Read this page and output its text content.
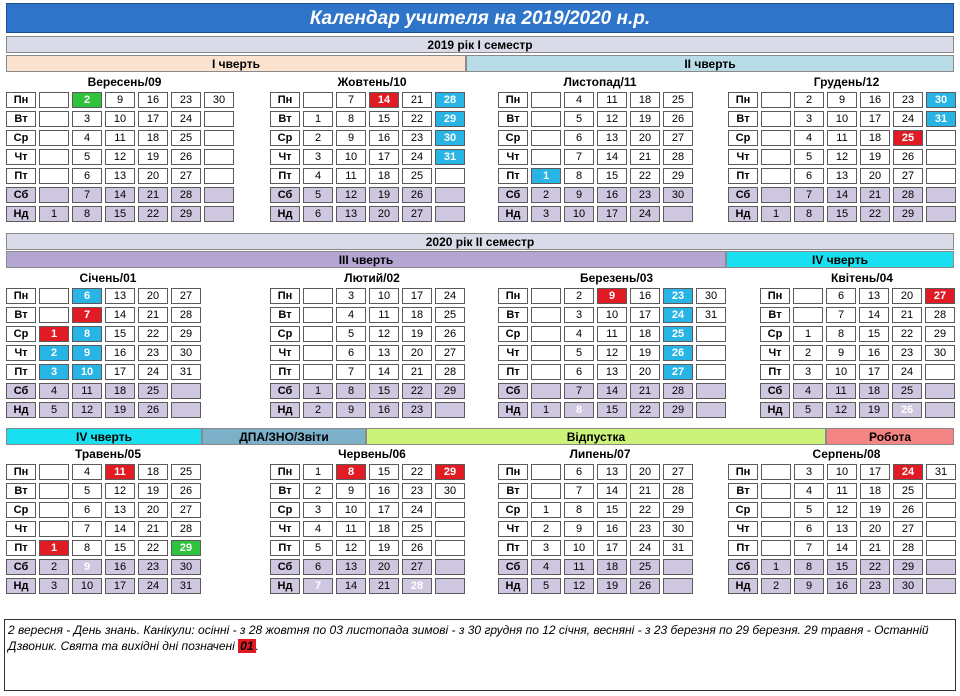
Календар учителя на 2019/2020 н.р.
2019 рік І семестр
І чверть	ІІ чверть
2020 рік ІІ семестр
ІІІ чверть	ІV чверть
ІV чверть	ДПА/ЗНО/Звіти	Відпустка	Робота
Вересень/09
Пн		2	9	16	23	30
Вт		3	10	17	24	
Ср		4	11	18	25	
Чт		5	12	19	26	
Пт		6	13	20	27	
Сб		7	14	21	28	
Нд	1	8	15	22	29	
Жовтень/10
Пн		7	14	21	28
Вт	1	8	15	22	29
Ср	2	9	16	23	30
Чт	3	10	17	24	31
Пт	4	11	18	25	
Сб	5	12	19	26	
Нд	6	13	20	27	
Листопад/11
Пн		4	11	18	25
Вт		5	12	19	26
Ср		6	13	20	27
Чт		7	14	21	28
Пт	1	8	15	22	29
Сб	2	9	16	23	30
Нд	3	10	17	24	
Грудень/12
Пн		2	9	16	23	30
Вт		3	10	17	24	31
Ср		4	11	18	25	
Чт		5	12	19	26	
Пт		6	13	20	27	
Сб		7	14	21	28	
Нд	1	8	15	22	29	
Січень/01
Пн		6	13	20	27
Вт		7	14	21	28
Ср	1	8	15	22	29
Чт	2	9	16	23	30
Пт	3	10	17	24	31
Сб	4	11	18	25	
Нд	5	12	19	26	
Лютий/02
Пн		3	10	17	24
Вт		4	11	18	25
Ср		5	12	19	26
Чт		6	13	20	27
Пт		7	14	21	28
Сб	1	8	15	22	29
Нд	2	9	16	23	
Березень/03
Пн		2	9	16	23	30
Вт		3	10	17	24	31
Ср		4	11	18	25	
Чт		5	12	19	26	
Пт		6	13	20	27	
Сб		7	14	21	28	
Нд	1	8	15	22	29	
Квітень/04
Пн		6	13	20	27
Вт		7	14	21	28
Ср	1	8	15	22	29
Чт	2	9	16	23	30
Пт	3	10	17	24	
Сб	4	11	18	25	
Нд	5	12	19	26	
Травень/05
Пн		4	11	18	25
Вт		5	12	19	26
Ср		6	13	20	27
Чт		7	14	21	28
Пт	1	8	15	22	29
Сб	2	9	16	23	30
Нд	3	10	17	24	31
Червень/06
Пн	1	8	15	22	29
Вт	2	9	16	23	30
Ср	3	10	17	24	
Чт	4	11	18	25	
Пт	5	12	19	26	
Сб	6	13	20	27	
Нд	7	14	21	28	
Липень/07
Пн		6	13	20	27
Вт		7	14	21	28
Ср	1	8	15	22	29
Чт	2	9	16	23	30
Пт	3	10	17	24	31
Сб	4	11	18	25	
Нд	5	12	19	26	
Серпень/08
Пн		3	10	17	24	31
Вт		4	11	18	25	
Ср		5	12	19	26	
Чт		6	13	20	27	
Пт		7	14	21	28	
Сб	1	8	15	22	29	
Нд	2	9	16	23	30	
2 вересня - День знань. Канікули: осінні - з 28 жовтня по 03 листопада зимові - з 30 грудня по 12 січня, весняні - з 23 березня по 29 березня. 29 травня - Останній Дзвоник. Свята та вихідні дні позначені 01 .
